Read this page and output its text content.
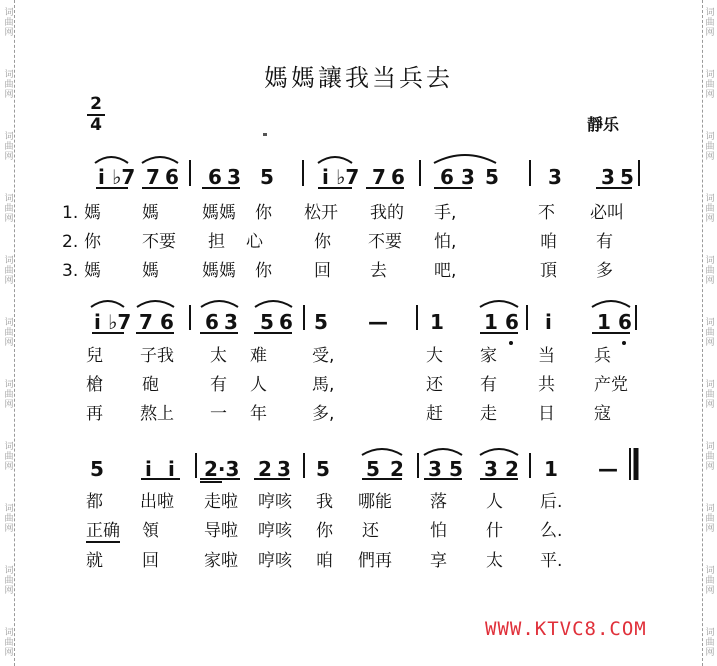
词
曲
网
词
曲
网
词
曲
网
词
曲
网
词
曲
网
词
曲
网
词
曲
网
词
曲
网
词
曲
网
词
曲
网
词
曲
网
词
曲
网
词
曲
网
词
曲
网
词
曲
网
词
曲
网
词
曲
网
词
曲
网
词
曲
网
词
曲
网
词
曲
网
词
曲
网
媽媽讓我当兵去
2
4	靜乐
i ♭7 7 6 6 3 5 i ♭7 7 6 6 3 5 3 3 5
i ♭7 7 6 6 3 5 6 5 — 1 1 6 i 1 6
5 i i 2·3 2 3 5 5 2 3 5 3 2 1 —
1. 媽 媽	媽媽 你 松开 我的 手,	不 必叫
2. 你 不要 担 心	你 不要 怕,	咱 有
3. 媽 媽	媽媽 你 回 去	吧,	頂 多
兒 子我 太 难	受,	大 家 当 兵
槍 砲	有 人	馬,	还 有 共 产党
再 熬上 一 年	多,	赶 走 日 寇
都 出啦 走啦 哼咳 我 哪能 落 人 后.
正确 領	导啦 哼咳 你 还	怕 什 么.
就 回	家啦 哼咳 咱 們再 享 太 平.
WWW.KTVC8.COM
